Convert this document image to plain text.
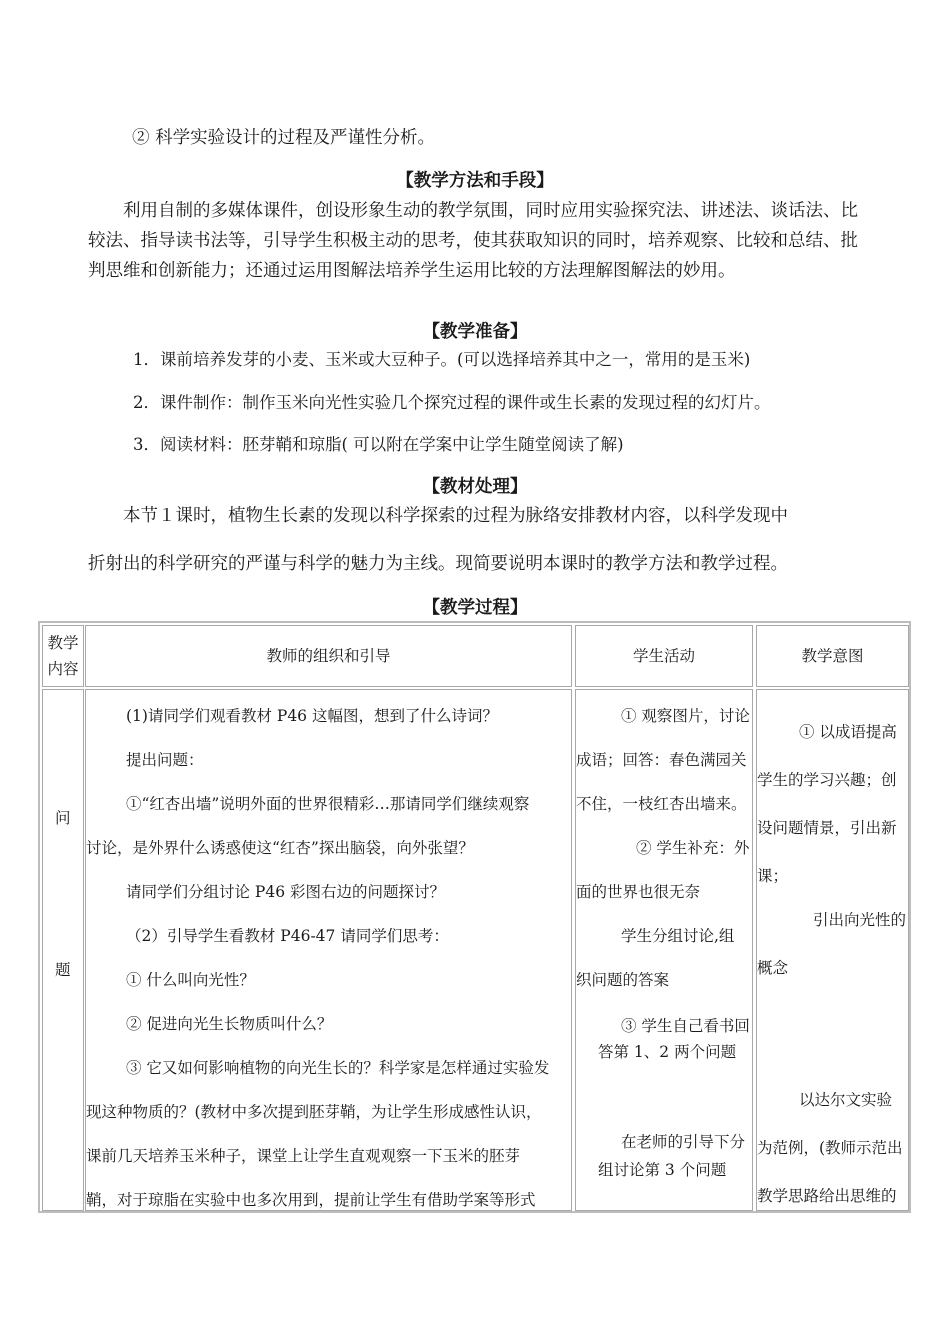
② 科学实验设计的过程及严谨性分析。

【教学方法和手段】

利用自制的多媒体课件，创设形象生动的教学氛围，同时应用实验探究法、讲述法、谈话法、比较法、指导读书法等，引导学生积极主动的思考，使其获取知识的同时，培养观察、比较和总结、批判思维和创新能力；还通过运用图解法培养学生运用比较的方法理解图解法的妙用。

【教学准备】

1．课前培养发芽的小麦、玉米或大豆种子。(可以选择培养其中之一，常用的是玉米)

2．课件制作：制作玉米向光性实验几个探究过程的课件或生长素的发现过程的幻灯片。

3．阅读材料：胚芽鞘和琼脂( 可以附在学案中让学生随堂阅读了解)

【教材处理】

本节１课时，植物生长素的发现以科学探索的过程为脉络安排教材内容，以科学发现中

折射出的科学研究的严谨与科学的魅力为主线。现简要说明本课时的教学方法和教学过程。

【教学过程】

教学
内容
教师的组织和引导	学生活动	教学意图
问
题
(1)请同学们观看教材 P46 这幅图，想到了什么诗词？
提出问题：
①“红杏出墙”说明外面的世界很精彩…那请同学们继续观察
讨论，是外界什么诱惑使这“红杏”探出脑袋，向外张望？
请同学们分组讨论 P46 彩图右边的问题探讨？
（2）引导学生看教材 P46-47 请同学们思考：
① 什么叫向光性？
② 促进向光生长物质叫什么？
③ 它又如何影响植物的向光生长的？科学家是怎样通过实验发
现这种物质的？(教材中多次提到胚芽鞘，为让学生形成感性认识，
课前几天培养玉米种子，课堂上让学生直观观察一下玉米的胚芽
鞘，对于琼脂在实验中也多次用到，提前让学生有借助学案等形式
① 观察图片，讨论
成语；回答：春色满园关
不住，一枝红杏出墙来。
② 学生补充：外
面的世界也很无奈
学生分组讨论,组
织问题的答案
③ 学生自己看书回
答第 1、2 两个问题
在老师的引导下分
组讨论第 3 个问题
① 以成语提高
学生的学习兴趣；创
设问题情景，引出新
课；
引出向光性的
概念
以达尔文实验
为范例，(教师示范出
教学思路给出思维的
